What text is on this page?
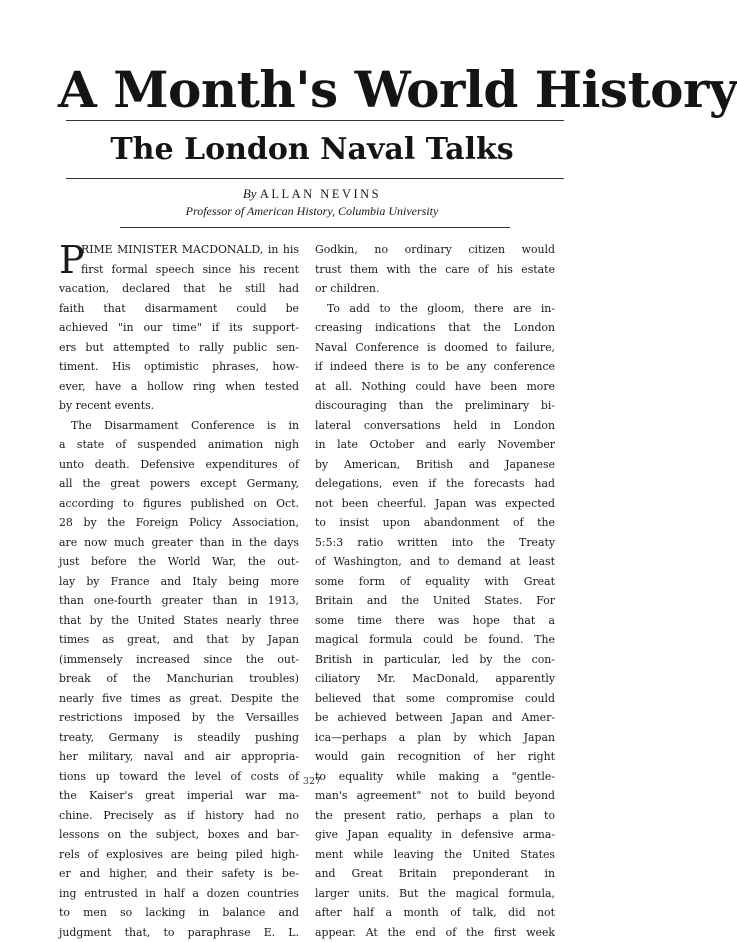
A Month's World History
The London Naval Talks
By ALLAN NEVINS
Professor of American History, Columbia University
P
RIME MINISTER MACDONALD, in his
first formal speech since his recent
vacation, declared that he still had
faith that disarmament could be
achieved "in our time" if its support-
ers but attempted to rally public sen-
timent. His optimistic phrases, how-
ever, have a hollow ring when tested
by recent events.
The Disarmament Conference is in
a state of suspended animation nigh
unto death. Defensive expenditures of
all the great powers except Germany,
according to figures published on Oct.
28 by the Foreign Policy Association,
are now much greater than in the days
just before the World War, the out-
lay by France and Italy being more
than one-fourth greater than in 1913,
that by the United States nearly three
times as great, and that by Japan
(immensely increased since the out-
break of the Manchurian troubles)
nearly five times as great. Despite the
restrictions imposed by the Versailles
treaty, Germany is steadily pushing
her military, naval and air appropria-
tions up toward the level of costs of
the Kaiser's great imperial war ma-
chine. Precisely as if history had no
lessons on the subject, boxes and bar-
rels of explosives are being piled high-
er and higher, and their safety is be-
ing entrusted in half a dozen countries
to men so lacking in balance and
judgment that, to paraphrase E. L.
Godkin, no ordinary citizen would
trust them with the care of his estate
or children.
To add to the gloom, there are in-
creasing indications that the London
Naval Conference is doomed to failure,
if indeed there is to be any conference
at all. Nothing could have been more
discouraging than the preliminary bi-
lateral conversations held in London
in late October and early November
by American, British and Japanese
delegations, even if the forecasts had
not been cheerful. Japan was expected
to insist upon abandonment of the
5:5:3 ratio written into the Treaty
of Washington, and to demand at least
some form of equality with Great
Britain and the United States. For
some time there was hope that a
magical formula could be found. The
British in particular, led by the con-
ciliatory Mr. MacDonald, apparently
believed that some compromise could
be achieved between Japan and Amer-
ica—perhaps a plan by which Japan
would gain recognition of her right
to equality while making a "gentle-
man's agreement" not to build beyond
the present ratio, perhaps a plan to
give Japan equality in defensive arma-
ment while leaving the United States
and Great Britain preponderant in
larger units. But the magical formula,
after half a month of talk, did not
appear. At the end of the first week
327
